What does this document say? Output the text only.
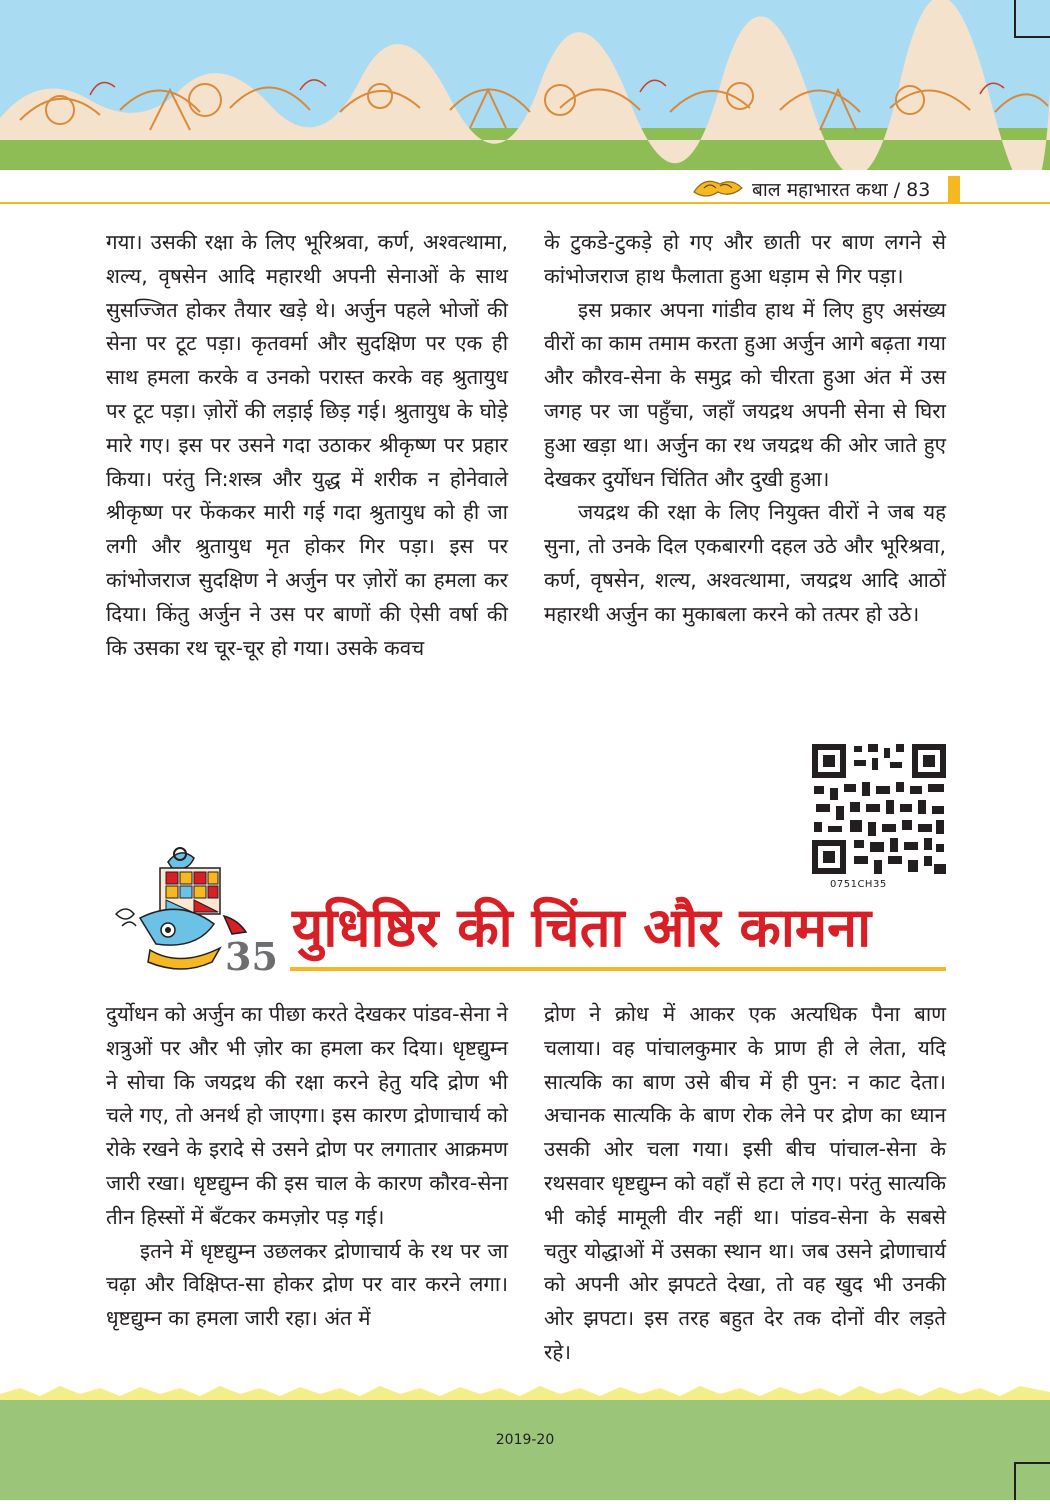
बाल महाभारत कथा / 83

गया। उसकी रक्षा के लिए भूरिश्रवा, कर्ण, अश्वत्थामा, शल्य, वृषसेन आदि महारथी अपनी सेनाओं के साथ सुसज्जित होकर तैयार खड़े थे। अर्जुन पहले भोजों की सेना पर टूट पड़ा। कृतवर्मा और सुदक्षिण पर एक ही साथ हमला करके व उनको परास्त करके वह श्रुतायुध पर टूट पड़ा। ज़ोरों की लड़ाई छिड़ गई। श्रुतायुध के घोड़े मारे गए। इस पर उसने गदा उठाकर श्रीकृष्ण पर प्रहार किया। परंतु नि:शस्त्र और युद्ध में शरीक न होनेवाले श्रीकृष्ण पर फेंककर मारी गई गदा श्रुतायुध को ही जा लगी और श्रुतायुध मृत होकर गिर पड़ा। इस पर कांभोजराज सुदक्षिण ने अर्जुन पर ज़ोरों का हमला कर दिया। किंतु अर्जुन ने उस पर बाणों की ऐसी वर्षा की कि उसका रथ चूर-चूर हो गया। उसके कवच

के टुकडे-टुकड़े हो गए और छाती पर बाण लगने से कांभोजराज हाथ फैलाता हुआ धड़ाम से गिर पड़ा।

इस प्रकार अपना गांडीव हाथ में लिए हुए असंख्य वीरों का काम तमाम करता हुआ अर्जुन आगे बढ़ता गया और कौरव-सेना के समुद्र को चीरता हुआ अंत में उस जगह पर जा पहुँचा, जहाँ जयद्रथ अपनी सेना से घिरा हुआ खड़ा था। अर्जुन का रथ जयद्रथ की ओर जाते हुए देखकर दुर्योधन चिंतित और दुखी हुआ।

जयद्रथ की रक्षा के लिए नियुक्त वीरों ने जब यह सुना, तो उनके दिल एकबारगी दहल उठे और भूरिश्रवा, कर्ण, वृषसेन, शल्य, अश्वत्थामा, जयद्रथ आदि आठों महारथी अर्जुन का मुकाबला करने को तत्पर हो उठे।

0751CH35
35 युधिष्ठिर की चिंता और कामना

दुर्योधन को अर्जुन का पीछा करते देखकर पांडव-सेना ने शत्रुओं पर और भी ज़ोर का हमला कर दिया। धृष्टद्युम्न ने सोचा कि जयद्रथ की रक्षा करने हेतु यदि द्रोण भी चले गए, तो अनर्थ हो जाएगा। इस कारण द्रोणाचार्य को रोके रखने के इरादे से उसने द्रोण पर लगातार आक्रमण जारी रखा। धृष्टद्युम्न की इस चाल के कारण कौरव-सेना तीन हिस्सों में बँटकर कमज़ोर पड़ गई।

इतने में धृष्टद्युम्न उछलकर द्रोणाचार्य के रथ पर जा चढ़ा और विक्षिप्त-सा होकर द्रोण पर वार करने लगा। धृष्टद्युम्न का हमला जारी रहा। अंत में

द्रोण ने क्रोध में आकर एक अत्यधिक पैना बाण चलाया। वह पांचालकुमार के प्राण ही ले लेता, यदि सात्यकि का बाण उसे बीच में ही पुन: न काट देता। अचानक सात्यकि के बाण रोक लेने पर द्रोण का ध्यान उसकी ओर चला गया। इसी बीच पांचाल-सेना के रथसवार धृष्टद्युम्न को वहाँ से हटा ले गए। परंतु सात्यकि भी कोई मामूली वीर नहीं था। पांडव-सेना के सबसे चतुर योद्धाओं में उसका स्थान था। जब उसने द्रोणाचार्य को अपनी ओर झपटते देखा, तो वह खुद भी उनकी ओर झपटा। इस तरह बहुत देर तक दोनों वीर लड़ते रहे।

2019-20
